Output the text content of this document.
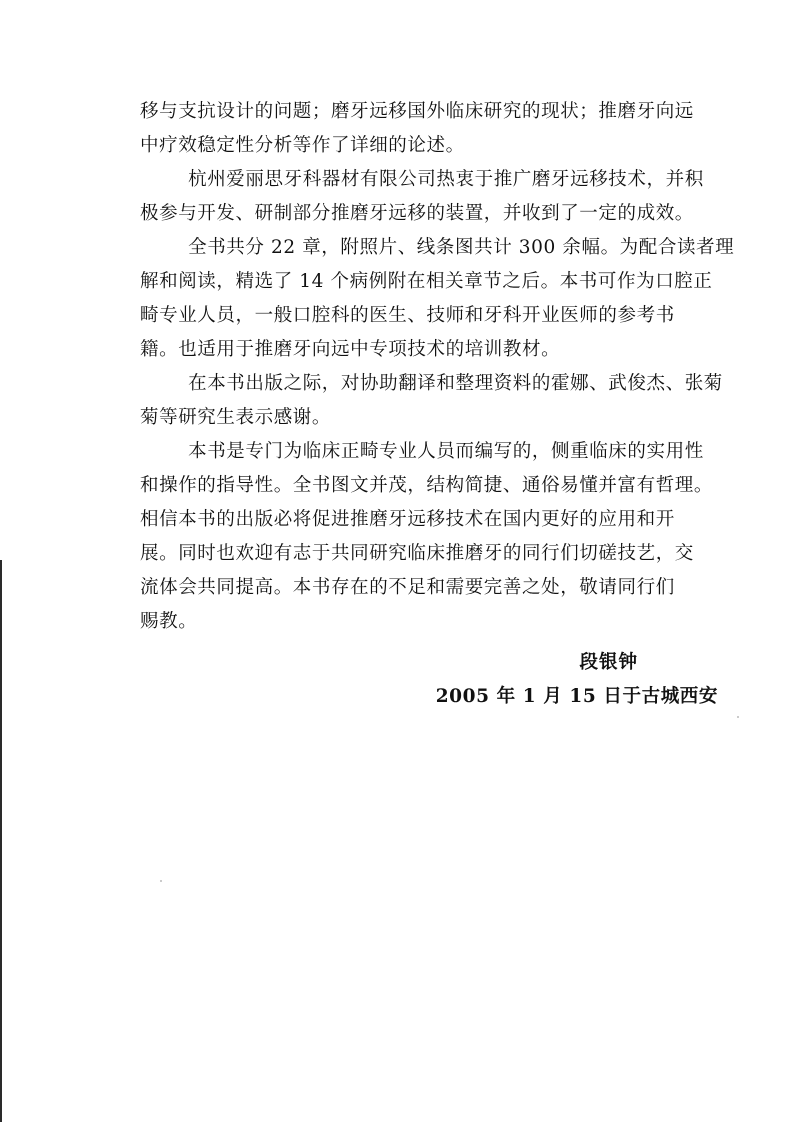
移与支抗设计的问题；磨牙远移国外临床研究的现状；推磨牙向远
中疗效稳定性分析等作了详细的论述。

杭州爱丽思牙科器材有限公司热衷于推广磨牙远移技术，并积
极参与开发、研制部分推磨牙远移的装置，并收到了一定的成效。

全书共分 22 章，附照片、线条图共计 300 余幅。为配合读者理
解和阅读，精选了 14 个病例附在相关章节之后。本书可作为口腔正
畸专业人员，一般口腔科的医生、技师和牙科开业医师的参考书
籍。也适用于推磨牙向远中专项技术的培训教材。

在本书出版之际，对协助翻译和整理资料的霍娜、武俊杰、张菊
菊等研究生表示感谢。

本书是专门为临床正畸专业人员而编写的，侧重临床的实用性
和操作的指导性。全书图文并茂，结构简捷、通俗易懂并富有哲理。
相信本书的出版必将促进推磨牙远移技术在国内更好的应用和开
展。同时也欢迎有志于共同研究临床推磨牙的同行们切磋技艺，交
流体会共同提高。本书存在的不足和需要完善之处，敬请同行们
赐教。

段银钟
2005 年 1 月 15 日于古城西安
